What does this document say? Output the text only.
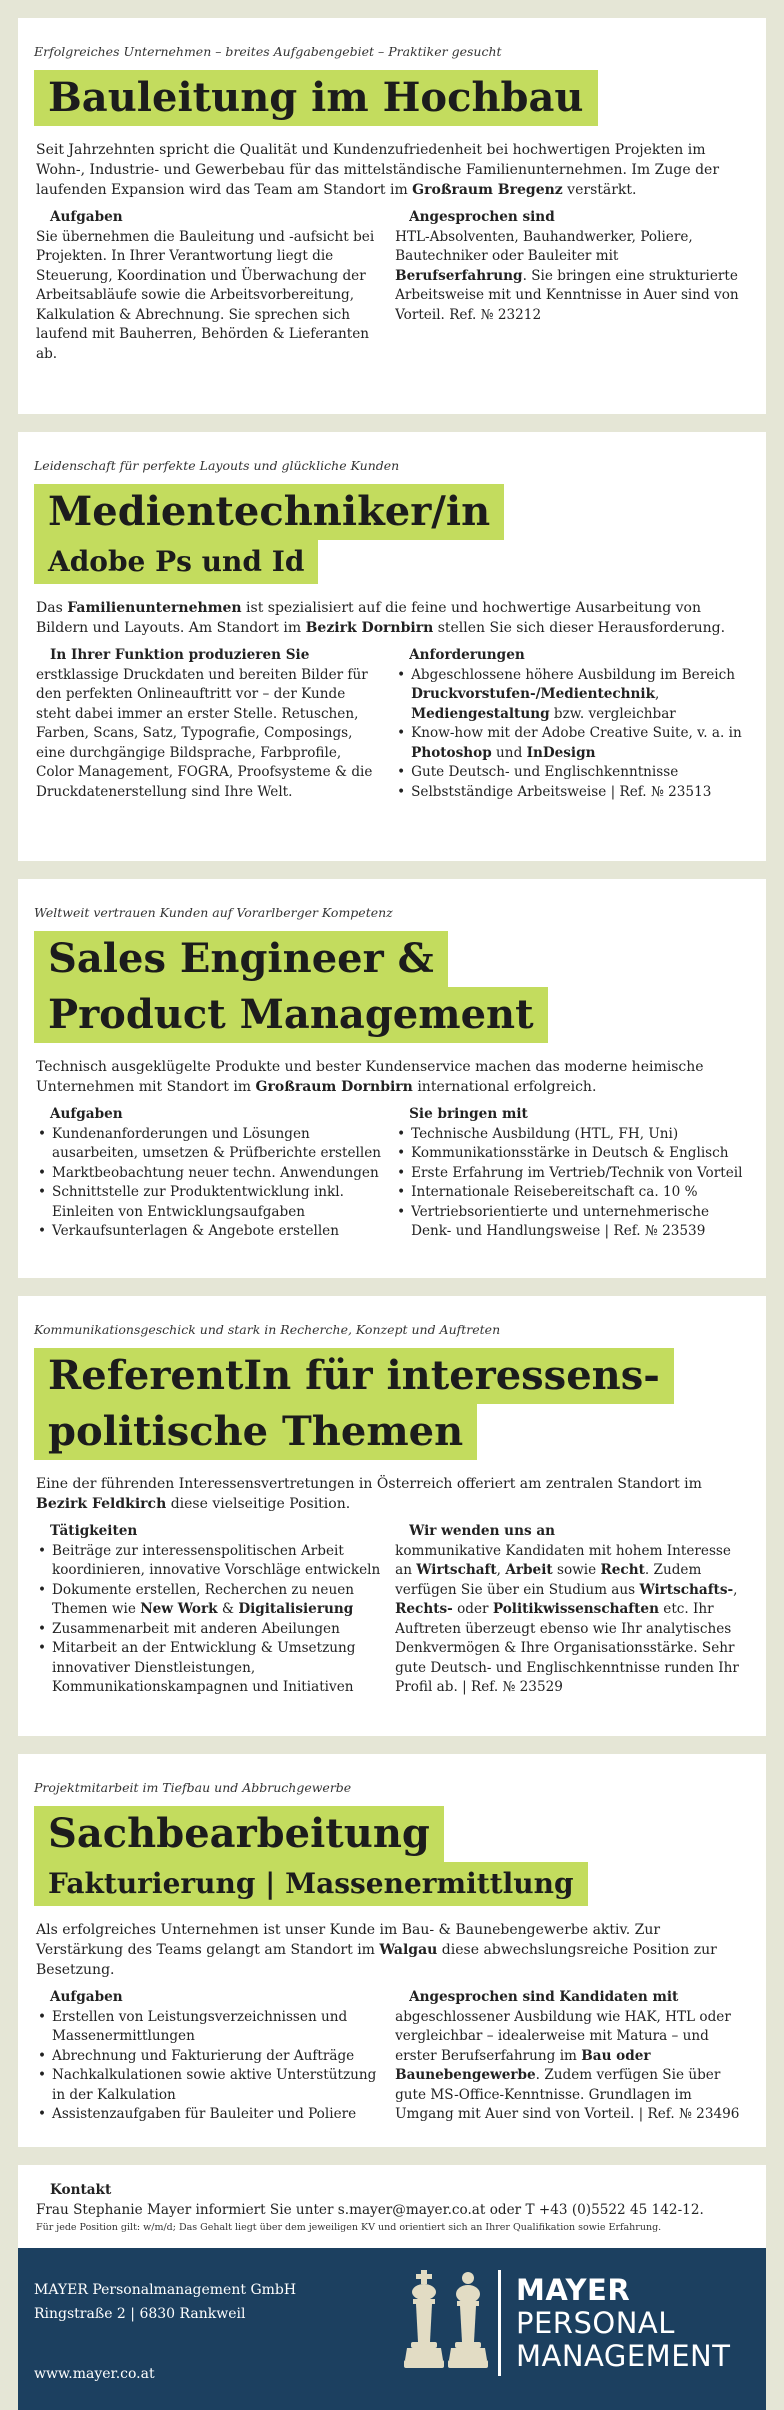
Erfolgreiches Unternehmen – breites Aufgabengebiet – Praktiker gesucht
Bauleitung im Hochbau
Seit Jahrzehnten spricht die Qualität und Kundenzufriedenheit bei hochwertigen Projekten im Wohn-, Industrie- und Gewerbebau für das mittelständische Familienunternehmen. Im Zuge der laufenden Expansion wird das Team am Standort im Großraum Bregenz verstärkt.
Aufgaben
Sie übernehmen die Bauleitung und -aufsicht bei Projekten. In Ihrer Verantwortung liegt die Steuerung, Koordination und Überwachung der Arbeitsabläufe sowie die Arbeitsvorbereitung, Kalkulation & Abrechnung. Sie sprechen sich laufend mit Bauherren, Behörden & Lieferanten ab.
Angesprochen sind
HTL-Absolventen, Bauhandwerker, Poliere, Bautechniker oder Bauleiter mit Berufserfahrung. Sie bringen eine strukturierte Arbeitsweise mit und Kenntnisse in Auer sind von Vorteil. Ref. № 23212
Leidenschaft für perfekte Layouts und glückliche Kunden
Medientechniker/in
Adobe Ps und Id
Das Familienunternehmen ist spezialisiert auf die feine und hochwertige Ausarbeitung von Bildern und Layouts. Am Standort im Bezirk Dornbirn stellen Sie sich dieser Herausforderung.
In Ihrer Funktion produzieren Sie
erstklassige Druckdaten und bereiten Bilder für den perfekten Onlineauftritt vor – der Kunde steht dabei immer an erster Stelle. Retuschen, Farben, Scans, Satz, Typografie, Composings, eine durchgängige Bildsprache, Farbprofile, Color Management, FOGRA, Proofsysteme & die Druckdatenerstellung sind Ihre Welt.
Anforderungen
• Abgeschlossene höhere Ausbildung im Bereich Druckvorstufen-/Medientechnik, Mediengestaltung bzw. vergleichbar
• Know-how mit der Adobe Creative Suite, v. a. in Photoshop und InDesign
• Gute Deutsch- und Englischkenntnisse
• Selbstständige Arbeitsweise | Ref. № 23513
Weltweit vertrauen Kunden auf Vorarlberger Kompetenz
Sales Engineer &
Product Management
Technisch ausgeklügelte Produkte und bester Kundenservice machen das moderne heimische Unternehmen mit Standort im Großraum Dornbirn international erfolgreich.
Aufgaben
• Kundenanforderungen und Lösungen ausarbeiten, umsetzen & Prüfberichte erstellen
• Marktbeobachtung neuer techn. Anwendungen
• Schnittstelle zur Produktentwicklung inkl. Einleiten von Entwicklungsaufgaben
• Verkaufsunterlagen & Angebote erstellen
Sie bringen mit
• Technische Ausbildung (HTL, FH, Uni)
• Kommunikationsstärke in Deutsch & Englisch
• Erste Erfahrung im Vertrieb/Technik von Vorteil
• Internationale Reisebereitschaft ca. 10 %
• Vertriebsorientierte und unternehmerische Denk- und Handlungsweise | Ref. № 23539
Kommunikationsgeschick und stark in Recherche, Konzept und Auftreten
ReferentIn für interessens-
politische Themen
Eine der führenden Interessensvertretungen in Österreich offeriert am zentralen Standort im Bezirk Feldkirch diese vielseitige Position.
Tätigkeiten
• Beiträge zur interessenspolitischen Arbeit koordinieren, innovative Vorschläge entwickeln
• Dokumente erstellen, Recherchen zu neuen Themen wie New Work & Digitalisierung
• Zusammenarbeit mit anderen Abeilungen
• Mitarbeit an der Entwicklung & Umsetzung innovativer Dienstleistungen, Kommunikationskampagnen und Initiativen
Wir wenden uns an
kommunikative Kandidaten mit hohem Interesse an Wirtschaft, Arbeit sowie Recht. Zudem verfügen Sie über ein Studium aus Wirtschafts-, Rechts- oder Politikwissenschaften etc. Ihr Auftreten überzeugt ebenso wie Ihr analytisches Denkvermögen & Ihre Organisationsstärke. Sehr gute Deutsch- und Englischkenntnisse runden Ihr Profil ab. | Ref. № 23529
Projektmitarbeit im Tiefbau und Abbruchgewerbe
Sachbearbeitung
Fakturierung | Massenermittlung
Als erfolgreiches Unternehmen ist unser Kunde im Bau- & Baunebengewerbe aktiv. Zur Verstärkung des Teams gelangt am Standort im Walgau diese abwechslungsreiche Position zur Besetzung.
Aufgaben
• Erstellen von Leistungsverzeichnissen und Massenermittlungen
• Abrechnung und Fakturierung der Aufträge
• Nachkalkulationen sowie aktive Unterstützung in der Kalkulation
• Assistenzaufgaben für Bauleiter und Poliere
Angesprochen sind Kandidaten mit
abgeschlossener Ausbildung wie HAK, HTL oder vergleichbar – idealerweise mit Matura – und erster Berufserfahrung im Bau oder Baunebengewerbe. Zudem verfügen Sie über gute MS-Office-Kenntnisse. Grundlagen im Umgang mit Auer sind von Vorteil. | Ref. № 23496
Kontakt
Frau Stephanie Mayer informiert Sie unter s.mayer@mayer.co.at oder T +43 (0)5522 45 142-12.
Für jede Position gilt: w/m/d; Das Gehalt liegt über dem jeweiligen KV und orientiert sich an Ihrer Qualifikation sowie Erfahrung.
MAYER Personalmanagement GmbH
Ringstraße 2 | 6830 Rankweil
www.mayer.co.at
MAYER
PERSONAL
MANAGEMENT
